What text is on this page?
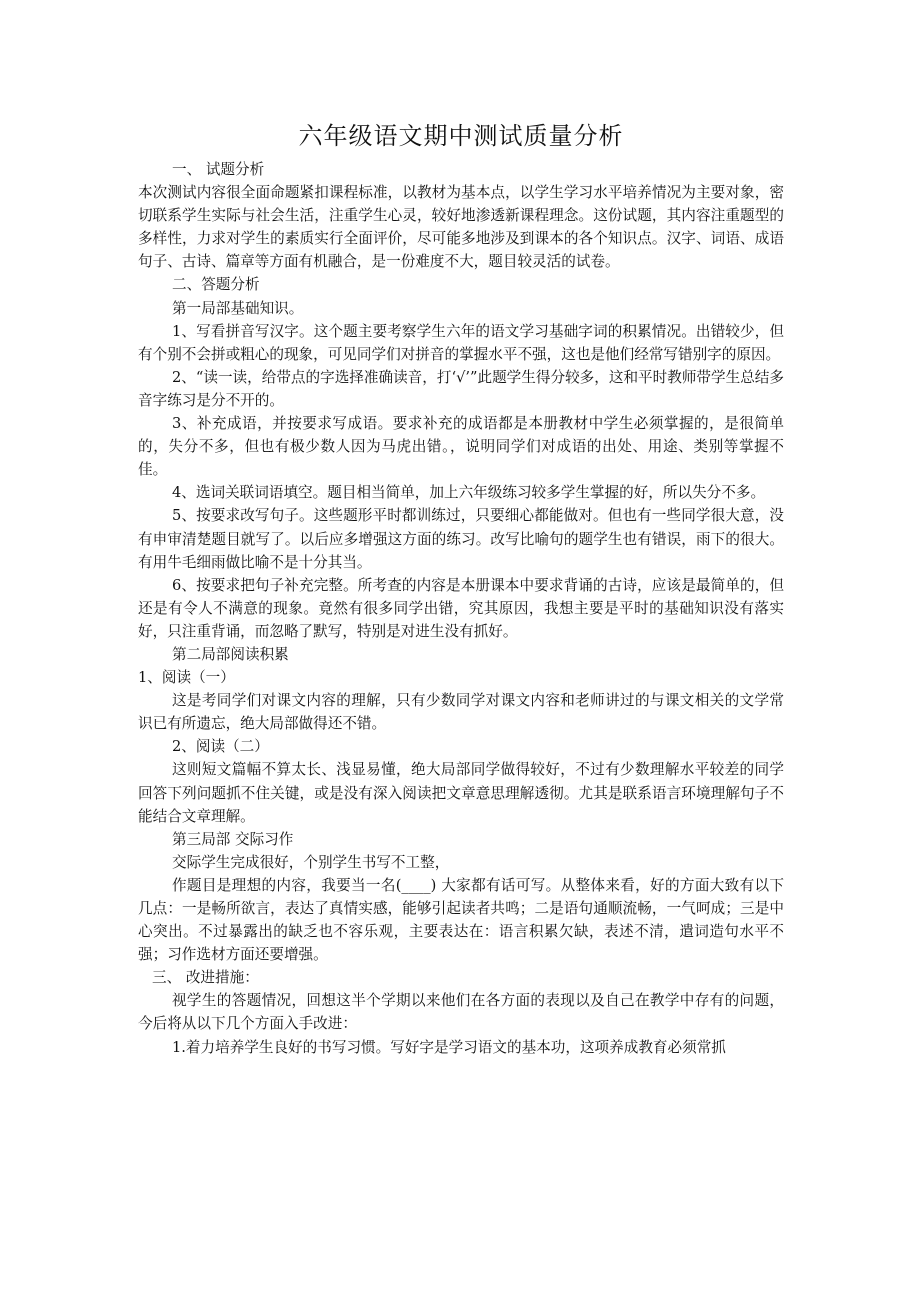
六年级语文期中测试质量分析

一、 试题分析

本次测试内容很全面命题紧扣课程标准，以教材为基本点，以学生学习水平培养情况为主要对象，密切联系学生实际与社会生活，注重学生心灵，较好地渗透新课程理念。这份试题，其内容注重题型的多样性，力求对学生的素质实行全面评价，尽可能多地涉及到课本的各个知识点。汉字、词语、成语句子、古诗、篇章等方面有机融合，是一份难度不大，题目较灵活的试卷。

二、答题分析

第一局部基础知识。

1、写看拼音写汉字。这个题主要考察学生六年的语文学习基础字词的积累情况。出错较少，但有个别不会拼或粗心的现象，可见同学们对拼音的掌握水平不强，这也是他们经常写错别字的原因。

2、“读一读，给带点的字选择准确读音，打‘√’”此题学生得分较多，这和平时教师带学生总结多音字练习是分不开的。

3、补充成语，并按要求写成语。要求补充的成语都是本册教材中学生必须掌握的，是很简单的，失分不多，但也有极少数人因为马虎出错。，说明同学们对成语的出处、用途、类别等掌握不佳。

4、选词关联词语填空。题目相当简单，加上六年级练习较多学生掌握的好，所以失分不多。

5、按要求改写句子。这些题形平时都训练过，只要细心都能做对。但也有一些同学很大意，没有申审清楚题目就写了。以后应多增强这方面的练习。改写比喻句的题学生也有错误，雨下的很大。有用牛毛细雨做比喻不是十分其当。

6、按要求把句子补充完整。所考查的内容是本册课本中要求背诵的古诗，应该是最简单的，但还是有令人不满意的现象。竟然有很多同学出错，究其原因，我想主要是平时的基础知识没有落实好，只注重背诵，而忽略了默写，特别是对进生没有抓好。

第二局部阅读积累

1、阅读（一）

这是考同学们对课文内容的理解，只有少数同学对课文内容和老师讲过的与课文相关的文学常识已有所遗忘，绝大局部做得还不错。

2、阅读（二）

这则短文篇幅不算太长、浅显易懂，绝大局部同学做得较好，不过有少数理解水平较差的同学回答下列问题抓不住关键，或是没有深入阅读把文章意思理解透彻。尤其是联系语言环境理解句子不能结合文章理解。

第三局部 交际习作

交际学生完成很好，个别学生书写不工整，

作题目是理想的内容，我要当一名(____) 大家都有话可写。从整体来看，好的方面大致有以下几点：一是畅所欲言，表达了真情实感，能够引起读者共鸣；二是语句通顺流畅，一气呵成；三是中心突出。不过暴露出的缺乏也不容乐观，主要表达在：语言积累欠缺，表述不清，遣词造句水平不强；习作选材方面还要增强。

三、 改进措施：

视学生的答题情况，回想这半个学期以来他们在各方面的表现以及自己在教学中存有的问题，今后将从以下几个方面入手改进：

1.着力培养学生良好的书写习惯。写好字是学习语文的基本功，这项养成教育必须常抓
